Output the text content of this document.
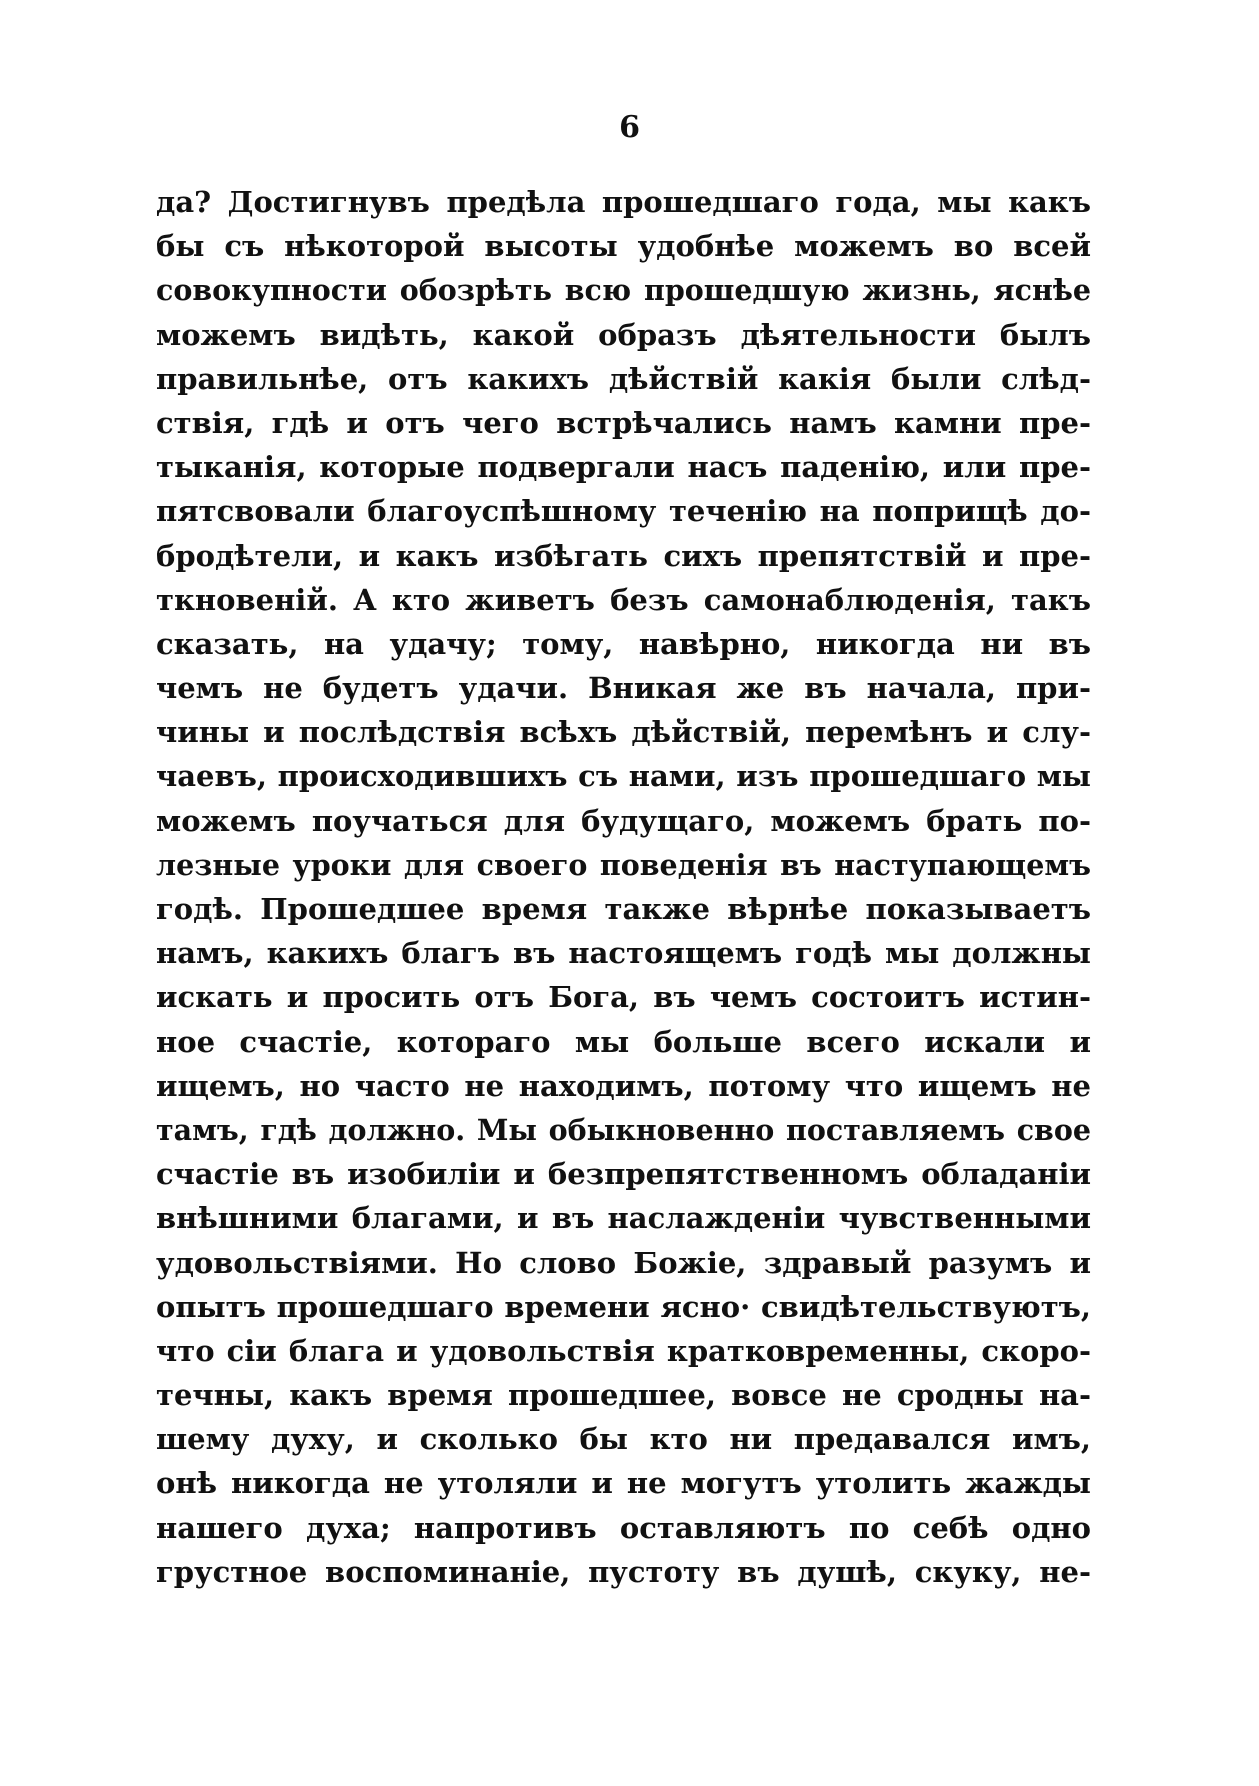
6
да? Достигнувъ предѣла прошедшаго года, мы какъ
бы съ нѣкоторой высоты удобнѣе можемъ во всей
совокупности обозрѣть всю прошедшую жизнь, яснѣе
можемъ видѣть, какой образъ дѣятельности былъ
правильнѣе, отъ какихъ дѣйствій какія были слѣд-
ствія, гдѣ и отъ чего встрѣчались намъ камни пре-
тыканія, которые подвергали насъ паденію, или пре-
пятсвовали благоуспѣшному теченію на поприщѣ до-
бродѣтели, и какъ избѣгать сихъ препятствій и пре-
ткновеній. А кто живетъ безъ самонаблюденія, такъ
сказать, на удачу; тому, навѣрно, никогда ни въ
чемъ не будетъ удачи. Вникая же въ начала, при-
чины и послѣдствія всѣхъ дѣйствій, перемѣнъ и слу-
чаевъ, происходившихъ съ нами, изъ прошедшаго мы
можемъ поучаться для будущаго, можемъ брать по-
лезные уроки для своего поведенія въ наступающемъ
годѣ. Прошедшее время также вѣрнѣе показываетъ
намъ, какихъ благъ въ настоящемъ годѣ мы должны
искать и просить отъ Бога, въ чемъ состоитъ истин-
ное счастіе, котораго мы больше всего искали и
ищемъ, но часто не находимъ, потому что ищемъ не
тамъ, гдѣ должно. Мы обыкновенно поставляемъ свое
счастіе въ изобиліи и безпрепятственномъ обладаніи
внѣшними благами, и въ наслажденіи чувственными
удовольствіями. Но слово Божіе, здравый разумъ и
опытъ прошедшаго времени ясно· свидѣтельствуютъ,
что сіи блага и удовольствія кратковременны, скоро-
течны, какъ время прошедшее, вовсе не сродны на-
шему духу, и сколько бы кто ни предавался имъ,
онѣ никогда не утоляли и не могутъ утолить жажды
нашего духа; напротивъ оставляютъ по себѣ одно
грустное воспоминаніе, пустоту въ душѣ, скуку, не-
